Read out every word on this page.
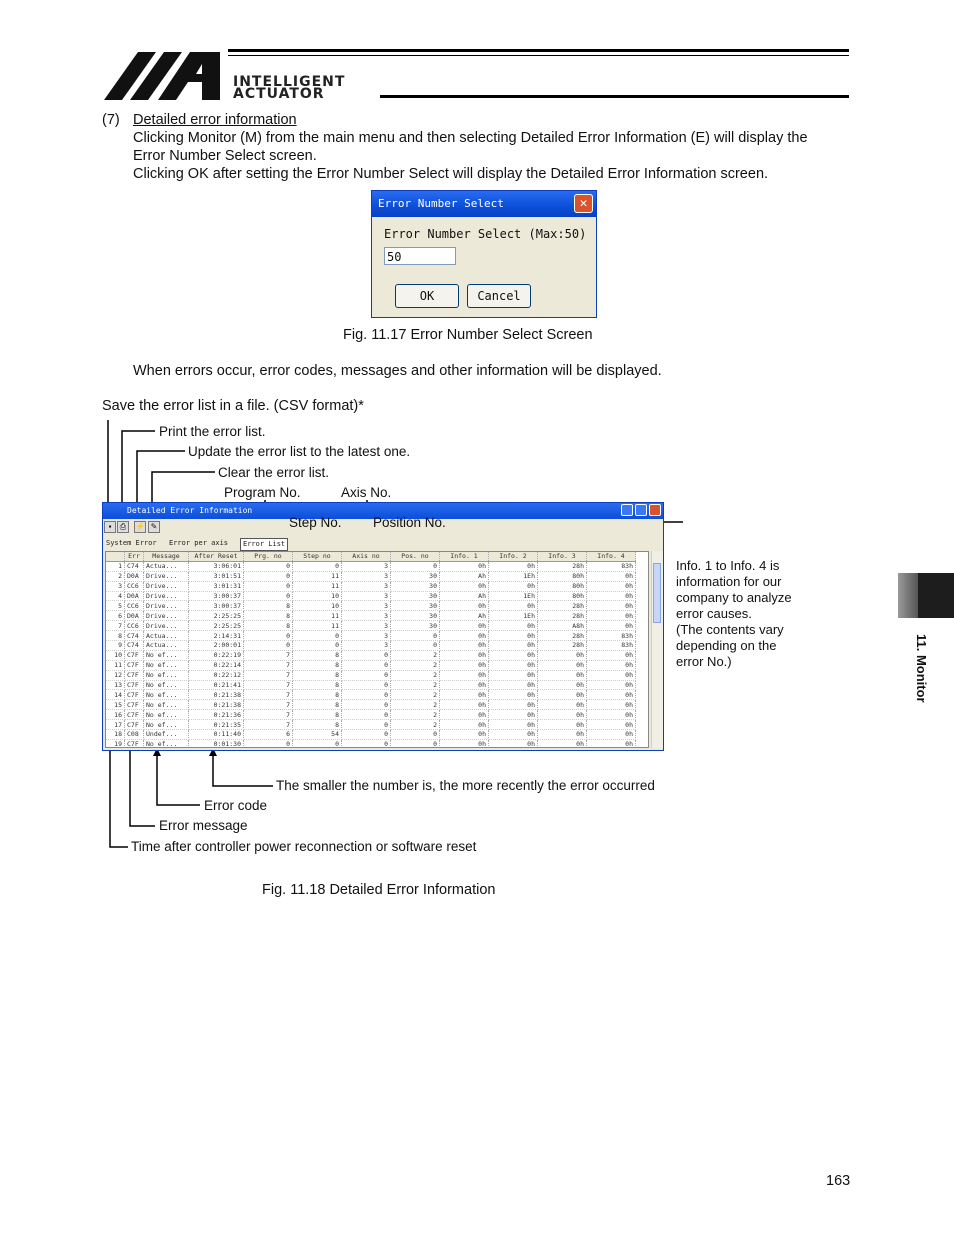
INTELLIGENT
ACTUATOR
(7) Detailed error information
Clicking Monitor (M) from the main menu and then selecting Detailed Error Information (E) will display the
Error Number Select screen.
Clicking OK after setting the Error Number Select will display the Detailed Error Information screen.
Error Number Select	✕
Error Number Select (Max:50)
50
OK	Cancel
Fig. 11.17 Error Number Select Screen
When errors occur, error codes, messages and other information will be displayed.
Save the error list in a file. (CSV format)*
Detailed Error Information
▪	⎙	⚡ ✎
System Error Error per axis	Error List
	Err	Message	After Reset	Prg. no	Step no	Axis no	Pos. no	Info. 1	Info. 2	Info. 3	Info. 4
1	C74	Actua...	3:06:01	0	0	3	0	0h	0h	28h	83h
2	D0A	Drive...	3:01:51	0	11	3	30	Ah	1Eh	80h	0h
3	CC6	Drive...	3:01:31	0	11	3	30	0h	0h	80h	0h
4	D0A	Drive...	3:00:37	0	10	3	30	Ah	1Eh	80h	0h
5	CC6	Drive...	3:00:37	8	10	3	30	0h	0h	28h	0h
6	D0A	Drive...	2:25:25	8	11	3	30	Ah	1Eh	28h	0h
7	CC6	Drive...	2:25:25	8	11	3	30	0h	0h	A8h	0h
8	C74	Actua...	2:14:31	0	0	3	0	0h	0h	28h	83h
9	C74	Actua...	2:00:01	0	0	3	0	0h	0h	28h	83h
10	C7F	No ef...	0:22:19	7	8	0	2	0h	0h	0h	0h
11	C7F	No ef...	0:22:14	7	8	0	2	0h	0h	0h	0h
12	C7F	No ef...	0:22:12	7	8	0	2	0h	0h	0h	0h
13	C7F	No ef...	0:21:41	7	8	0	2	0h	0h	0h	0h
14	C7F	No ef...	0:21:38	7	8	0	2	0h	0h	0h	0h
15	C7F	No ef...	0:21:38	7	8	0	2	0h	0h	0h	0h
16	C7F	No ef...	0:21:36	7	8	0	2	0h	0h	0h	0h
17	C7F	No ef...	0:21:35	7	8	0	2	0h	0h	0h	0h
18	C08	Undef...	0:11:40	6	54	0	0	0h	0h	0h	0h
19	C7F	No ef...	0:01:30	0	0	0	0	0h	0h	0h	0h
Print the error list.
Update the error list to the latest one.
Clear the error list.
Program No.	Axis No.
Step No. Position No.
Info. 1 to Info. 4 is
information for our
company to analyze
error causes.
(The contents vary
depending on the
error No.)
The smaller the number is, the more recently the error occurred
Error code
Error message
Time after controller power reconnection or software reset
Fig. 11.18 Detailed Error Information
11. Monitor
163
